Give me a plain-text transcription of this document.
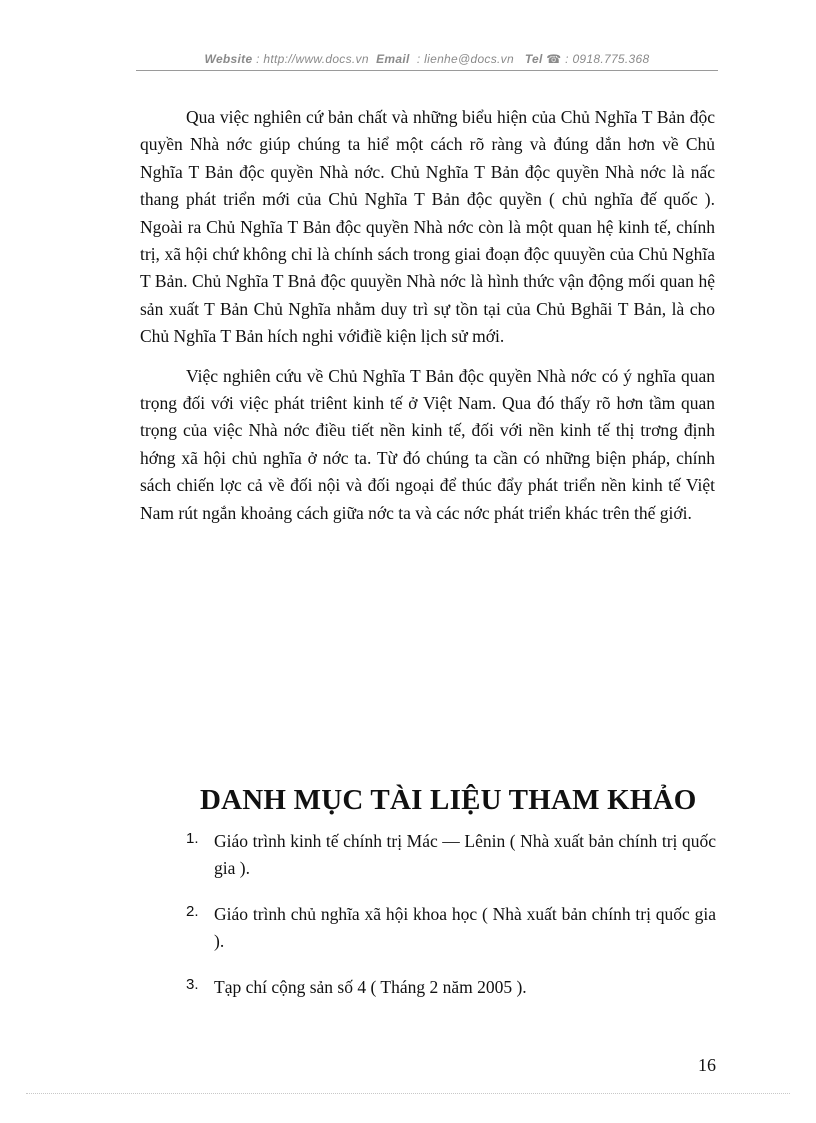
Website : http://www.docs.vn Email : lienhe@docs.vn Tel ☎ : 0918.775.368

Qua việc nghiên cứ bản chất và những biểu hiện của Chủ Nghĩa T Bản độc quyền Nhà nớc giúp chúng ta hiể một cách rõ ràng và đúng dắn hơn về Chủ Nghĩa T Bản độc quyền Nhà nớc. Chủ Nghĩa T Bản độc quyền Nhà nớc là nấc thang phát triển mới của Chủ Nghĩa T Bản độc quyền ( chủ nghĩa đế quốc ). Ngoài ra Chủ Nghĩa T Bản độc quyền Nhà nớc còn là một quan hệ kinh tế, chính trị, xã hội chứ không chỉ là chính sách trong giai đoạn độc quuyền của Chủ Nghĩa T Bản. Chủ Nghĩa T Bnả độc quuyền Nhà nớc là hình thức vận động mối quan hệ sản xuất T Bản Chủ Nghĩa nhằm duy trì sự tồn tại của Chủ Bghãi T Bản, là cho Chủ Nghĩa T Bản hích nghi vớiđiề kiện lịch sử mới.

Việc nghiên cứu về Chủ Nghĩa T Bản độc quyền Nhà nớc có ý nghĩa quan trọng đối với việc phát triênt kinh tế ở Việt Nam. Qua đó thấy rõ hơn tầm quan trọng của việc Nhà nớc điều tiết nền kinh tế, đối với nền kinh tế thị trơng định hớng xã hội chủ nghĩa ở nớc ta. Từ đó chúng ta cần có những biện pháp, chính sách chiến lợc cả về đối nội và đối ngoại để thúc đẩy phát triển nền kinh tế Việt Nam rút ngắn khoảng cách giữa nớc ta và các nớc phát triển khác trên thế giới.

DANH MỤC TÀI LIỆU THAM KHẢO
1. Giáo trình kinh tế chính trị Mác — Lênin ( Nhà xuất bản chính trị quốc gia ).
2. Giáo trình chủ nghĩa xã hội khoa học ( Nhà xuất bản chính trị quốc gia ).
3. Tạp chí cộng sản số 4 ( Tháng 2 năm 2005 ).
16
